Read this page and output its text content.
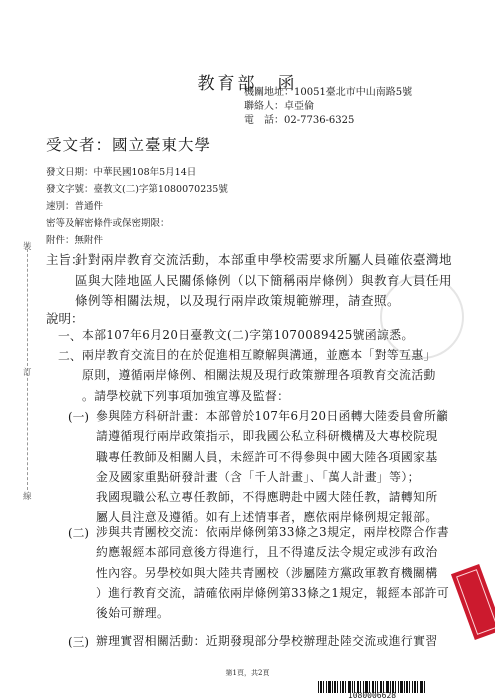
教育部　函
機關地址：10051臺北市中山南路5號
聯絡人：卓亞倫
電　話：02-7736-6325
受文者：國立臺東大學
發文日期：中華民國108年5月14日
發文字號：臺教文(二)字第1080070235號
速別：普通件
密等及解密條件或保密期限：
附件：無附件
主旨：
針對兩岸教育交流活動，本部重申學校需要求所屬人員確依臺灣地
區與大陸地區人民關係條例（以下簡稱兩岸條例）與教育人員任用
條例等相關法規，以及現行兩岸政策規範辦理，請查照。
說明：
一、 本部107年6月20日臺教文(二)字第1070089425號函諒悉。
二、 兩岸教育交流目的在於促進相互瞭解與溝通，並應本「對等互惠」
原則，遵循兩岸條例、相關法規及現行政策辦理各項教育交流活動
。請學校就下列事項加強宣導及監督：
(一) 參與陸方科研計畫：本部曾於107年6月20日函轉大陸委員會所籲
請遵循現行兩岸政策指示，即我國公私立科研機構及大專校院現
職專任教師及相關人員，未經許可不得參與中國大陸各項國家基
金及國家重點研發計畫（含「千人計畫」、「萬人計畫」等）；
我國現職公私立專任教師，不得應聘赴中國大陸任教，請轉知所
屬人員注意及遵循。如有上述情事者，應依兩岸條例規定報部。
(二) 涉與共青團校交流：依兩岸條例第33條之3規定，兩岸校際合作書
約應報經本部同意後方得進行，且不得違反法令規定或涉有政治
性內容。另學校如與大陸共青團校（涉屬陸方黨政軍教育機關構
）進行教育交流，請確依兩岸條例第33條之1規定，報經本部許可
後始可辦理。
(三) 辦理實習相關活動：近期發現部分學校辦理赴陸交流或進行實習
裝
訂
線
第1頁，共2頁
1080006628
